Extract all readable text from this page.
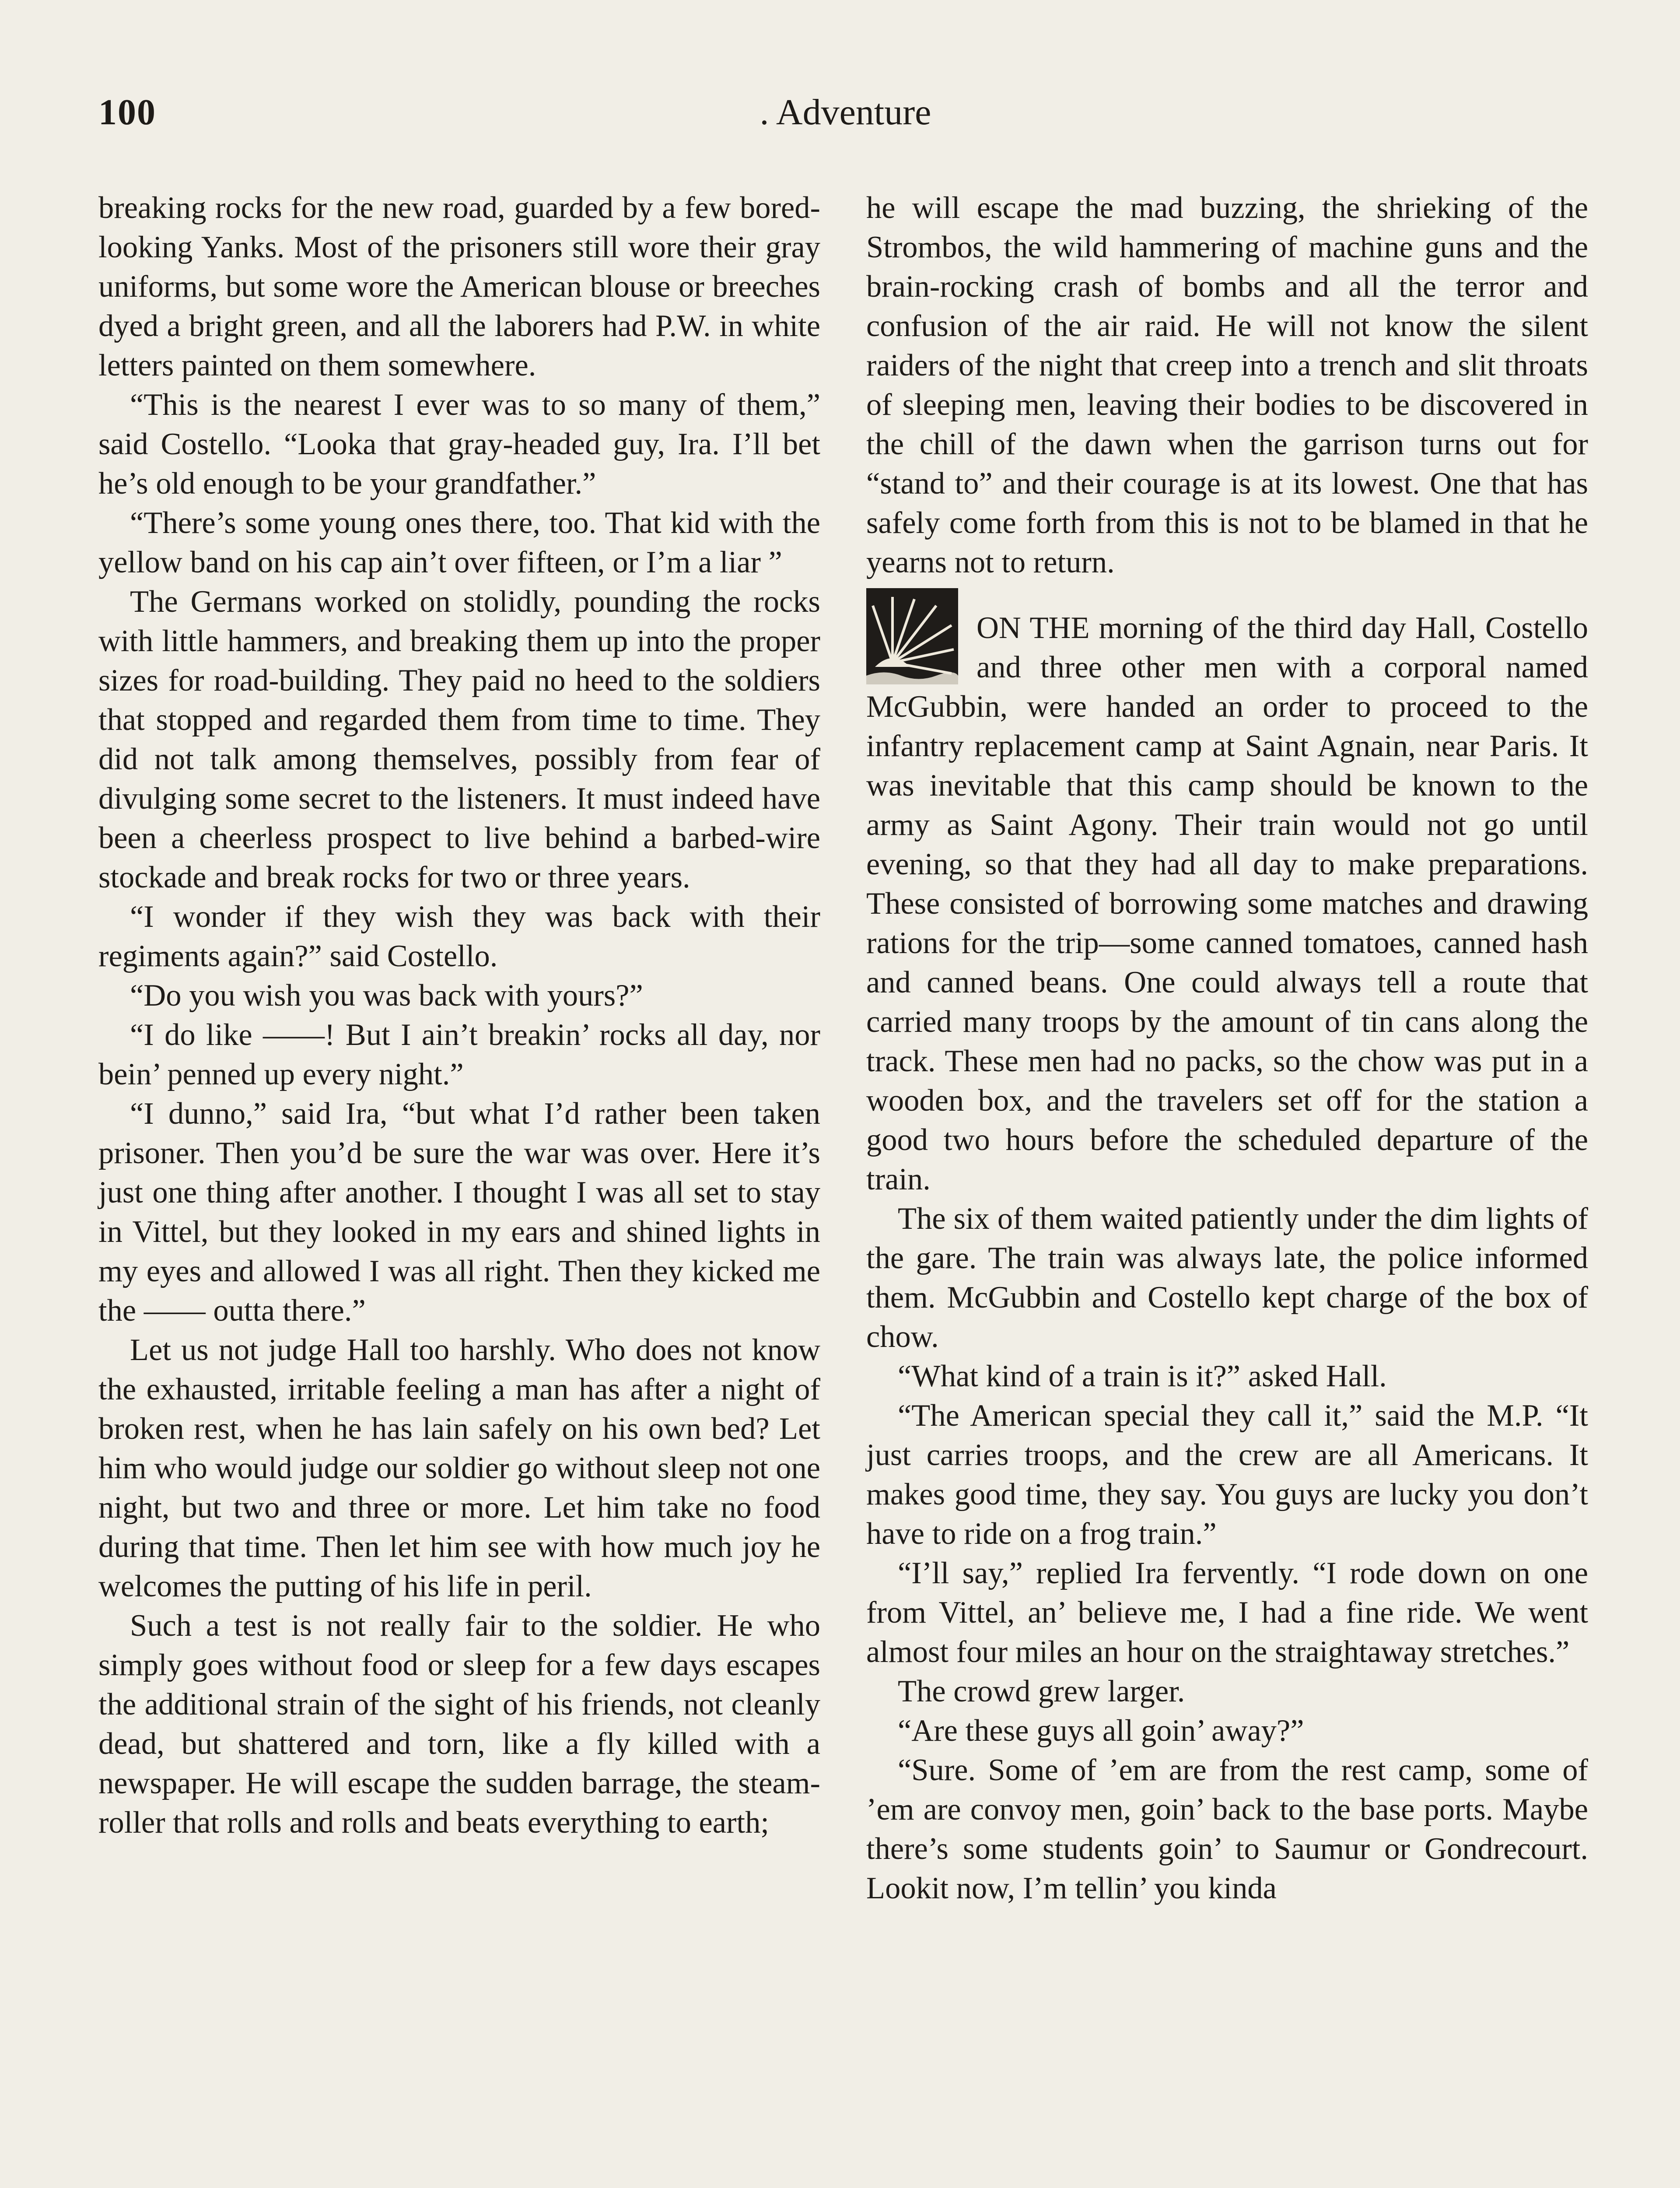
100	. Adventure

breaking rocks for the new road, guarded by a few bored-looking Yanks. Most of the prisoners still wore their gray uniforms, but some wore the American blouse or breeches dyed a bright green, and all the laborers had P.W. in white letters painted on them somewhere.

“This is the nearest I ever was to so many of them,” said Costello. “Looka that gray-headed guy, Ira. I’ll bet he’s old enough to be your grandfather.”

“There’s some young ones there, too. That kid with the yellow band on his cap ain’t over fifteen, or I’m a liar ”

The Germans worked on stolidly, pounding the rocks with little hammers, and breaking them up into the proper sizes for road-building. They paid no heed to the soldiers that stopped and regarded them from time to time. They did not talk among themselves, possibly from fear of divulging some secret to the listeners. It must indeed have been a cheerless prospect to live behind a barbed-wire stockade and break rocks for two or three years.

“I wonder if they wish they was back with their regiments again?” said Costello.

“Do you wish you was back with yours?”

“I do like ——! But I ain’t breakin’ rocks all day, nor bein’ penned up every night.”

“I dunno,” said Ira, “but what I’d rather been taken prisoner. Then you’d be sure the war was over. Here it’s just one thing after another. I thought I was all set to stay in Vittel, but they looked in my ears and shined lights in my eyes and allowed I was all right. Then they kicked me the —— outta there.”

Let us not judge Hall too harshly. Who does not know the exhausted, irritable feeling a man has after a night of broken rest, when he has lain safely on his own bed? Let him who would judge our soldier go without sleep not one night, but two and three or more. Let him take no food during that time. Then let him see with how much joy he welcomes the putting of his life in peril.

Such a test is not really fair to the soldier. He who simply goes without food or sleep for a few days escapes the additional strain of the sight of his friends, not cleanly dead, but shattered and torn, like a fly killed with a newspaper. He will escape the sudden barrage, the steam-roller that rolls and rolls and beats everything to earth;

he will escape the mad buzzing, the shrieking of the Strombos, the wild hammering of machine guns and the brain-rocking crash of bombs and all the terror and confusion of the air raid. He will not know the silent raiders of the night that creep into a trench and slit throats of sleeping men, leaving their bodies to be discovered in the chill of the dawn when the garrison turns out for “stand to” and their courage is at its lowest. One that has safely come forth from this is not to be blamed in that he yearns not to return.

ON THE morning of the third day Hall, Costello and three other men with a corporal named McGubbin, were handed an order to proceed to the infantry replacement camp at Saint Agnain, near Paris. It was inevitable that this camp should be known to the army as Saint Agony. Their train would not go until evening, so that they had all day to make preparations. These consisted of borrowing some matches and drawing rations for the trip—some canned tomatoes, canned hash and canned beans. One could always tell a route that carried many troops by the amount of tin cans along the track. These men had no packs, so the chow was put in a wooden box, and the travelers set off for the station a good two hours before the scheduled departure of the train.

The six of them waited patiently under the dim lights of the gare. The train was always late, the police informed them. McGubbin and Costello kept charge of the box of chow.

“What kind of a train is it?” asked Hall.

“The American special they call it,” said the M.P. “It just carries troops, and the crew are all Americans. It makes good time, they say. You guys are lucky you don’t have to ride on a frog train.”

“I’ll say,” replied Ira fervently. “I rode down on one from Vittel, an’ believe me, I had a fine ride. We went almost four miles an hour on the straightaway stretches.”

The crowd grew larger.

“Are these guys all goin’ away?”

“Sure. Some of ’em are from the rest camp, some of ’em are convoy men, goin’ back to the base ports. Maybe there’s some students goin’ to Saumur or Gondrecourt. Lookit now, I’m tellin’ you kinda
